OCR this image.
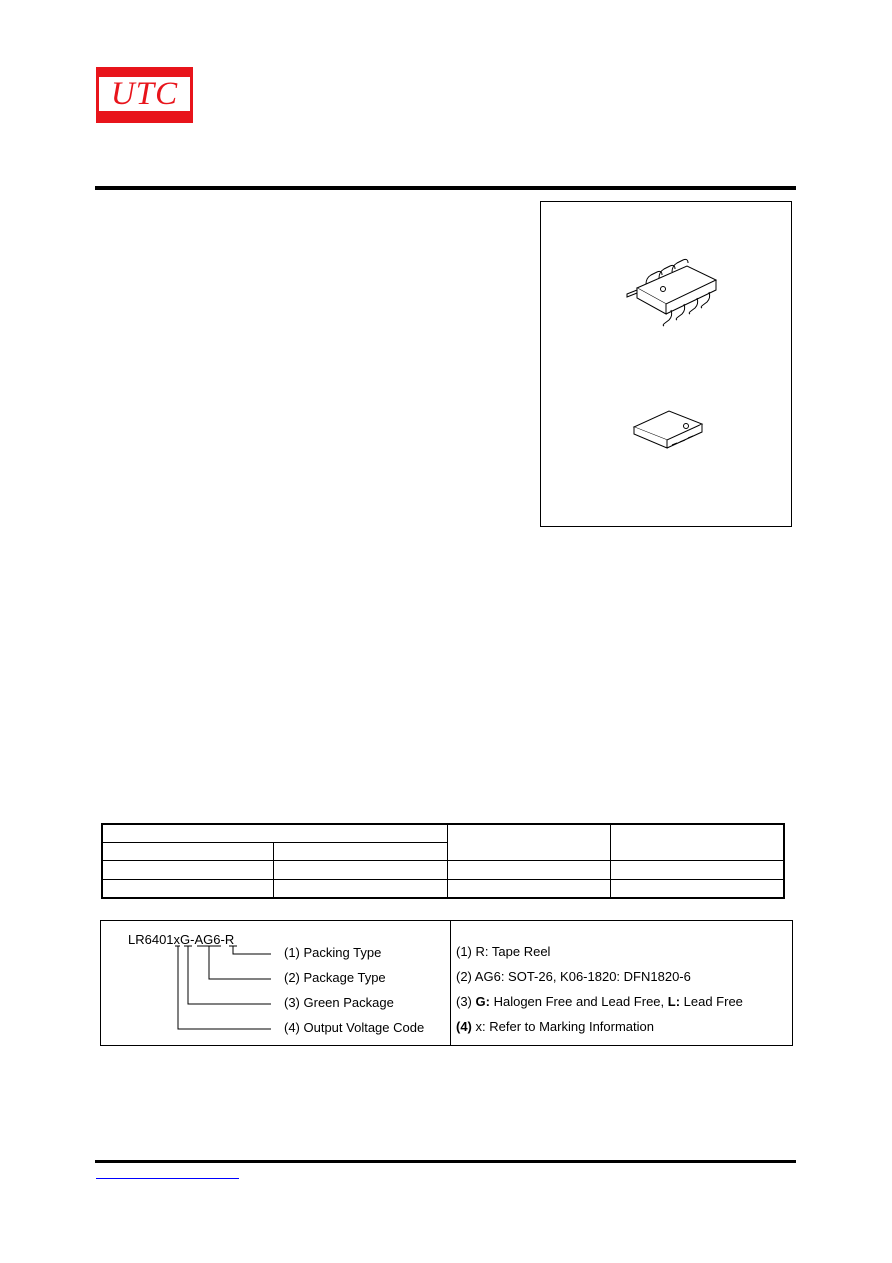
UTC
LR6401xG-AG6-R
(1) Packing Type
(2) Package Type
(3) Green Package
(4) Output Voltage Code
(1) R: Tape Reel
(2) AG6: SOT-26, K06-1820: DFN1820-6
(3) G: Halogen Free and Lead Free, L: Lead Free
(4) x: Refer to Marking Information
